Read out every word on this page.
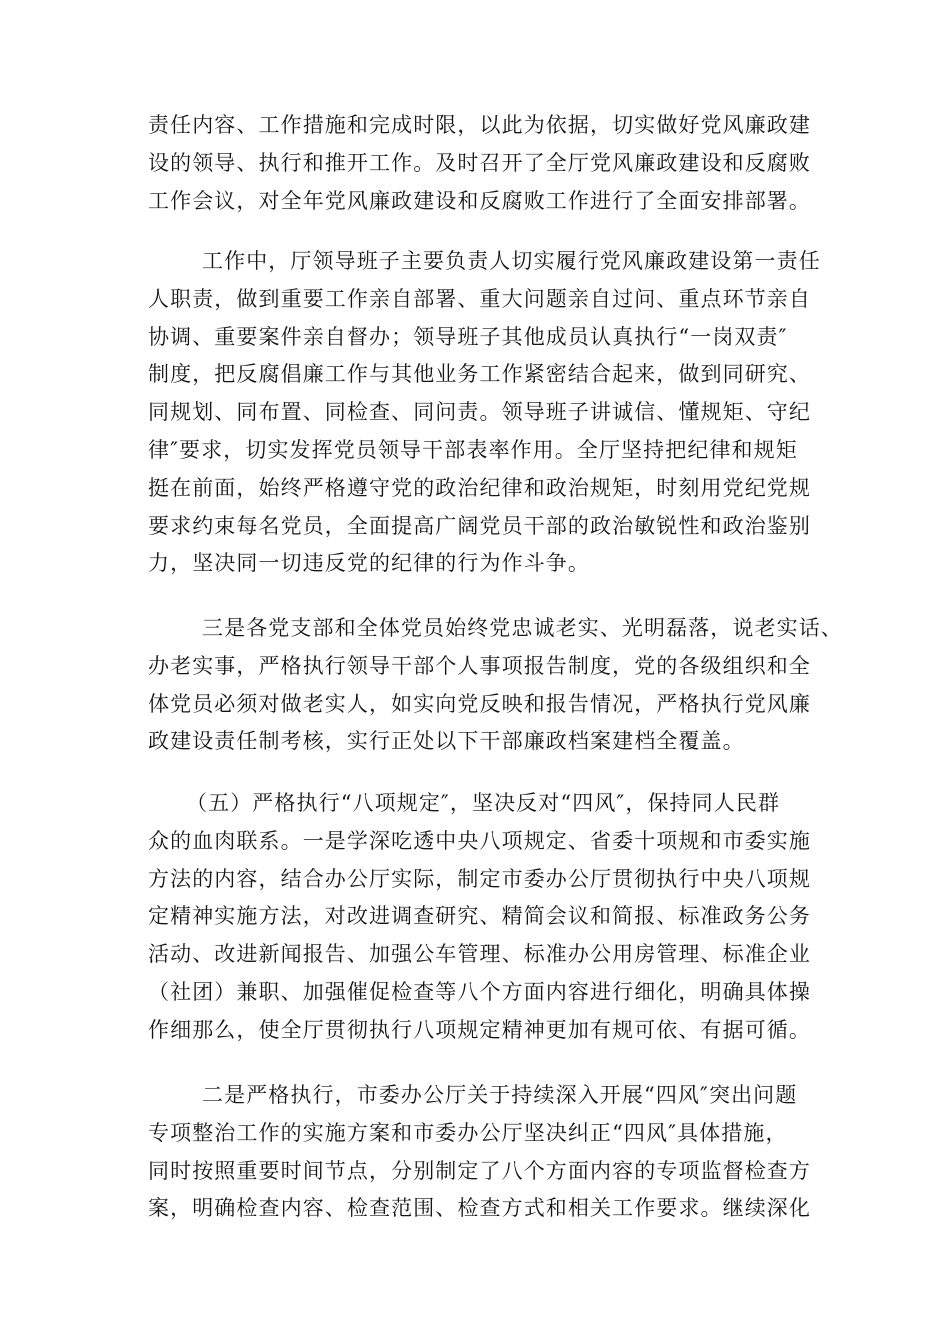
责任内容、工作措施和完成时限，以此为依据，切实做好党风廉政建
设的领导、执行和推开工作。及时召开了全厅党风廉政建设和反腐败
工作会议，对全年党风廉政建设和反腐败工作进行了全面安排部署。
工作中，厅领导班子主要负责人切实履行党风廉政建设第一责任
人职责，做到重要工作亲自部署、重大问题亲自过问、重点环节亲自
协调、重要案件亲自督办；领导班子其他成员认真执行“一岗双责″
制度，把反腐倡廉工作与其他业务工作紧密结合起来，做到同研究、
同规划、同布置、同检查、同问责。领导班子讲诚信、懂规矩、守纪
律″要求，切实发挥党员领导干部表率作用。全厅坚持把纪律和规矩
挺在前面，始终严格遵守党的政治纪律和政治规矩，时刻用党纪党规
要求约束每名党员，全面提高广阔党员干部的政治敏锐性和政治鉴别
力，坚决同一切违反党的纪律的行为作斗争。
三是各党支部和全体党员始终党忠诚老实、光明磊落，说老实话、
办老实事，严格执行领导干部个人事项报告制度，党的各级组织和全
体党员必须对做老实人，如实向党反映和报告情况，严格执行党风廉
政建设责任制考核，实行正处以下干部廉政档案建档全覆盖。
（五）严格执行“八项规定″，坚决反对“四风″，保持同人民群
众的血肉联系。一是学深吃透中央八项规定、省委十项规和市委实施
方法的内容，结合办公厅实际，制定市委办公厅贯彻执行中央八项规
定精神实施方法，对改进调查研究、精简会议和简报、标准政务公务
活动、改进新闻报告、加强公车管理、标准办公用房管理、标准企业
（社团）兼职、加强催促检查等八个方面内容进行细化，明确具体操
作细那么，使全厅贯彻执行八项规定精神更加有规可依、有据可循。
二是严格执行，市委办公厅关于持续深入开展“四风″突出问题
专项整治工作的实施方案和市委办公厅坚决纠正“四风″具体措施，
同时按照重要时间节点，分别制定了八个方面内容的专项监督检查方
案，明确检查内容、检查范围、检查方式和相关工作要求。继续深化
